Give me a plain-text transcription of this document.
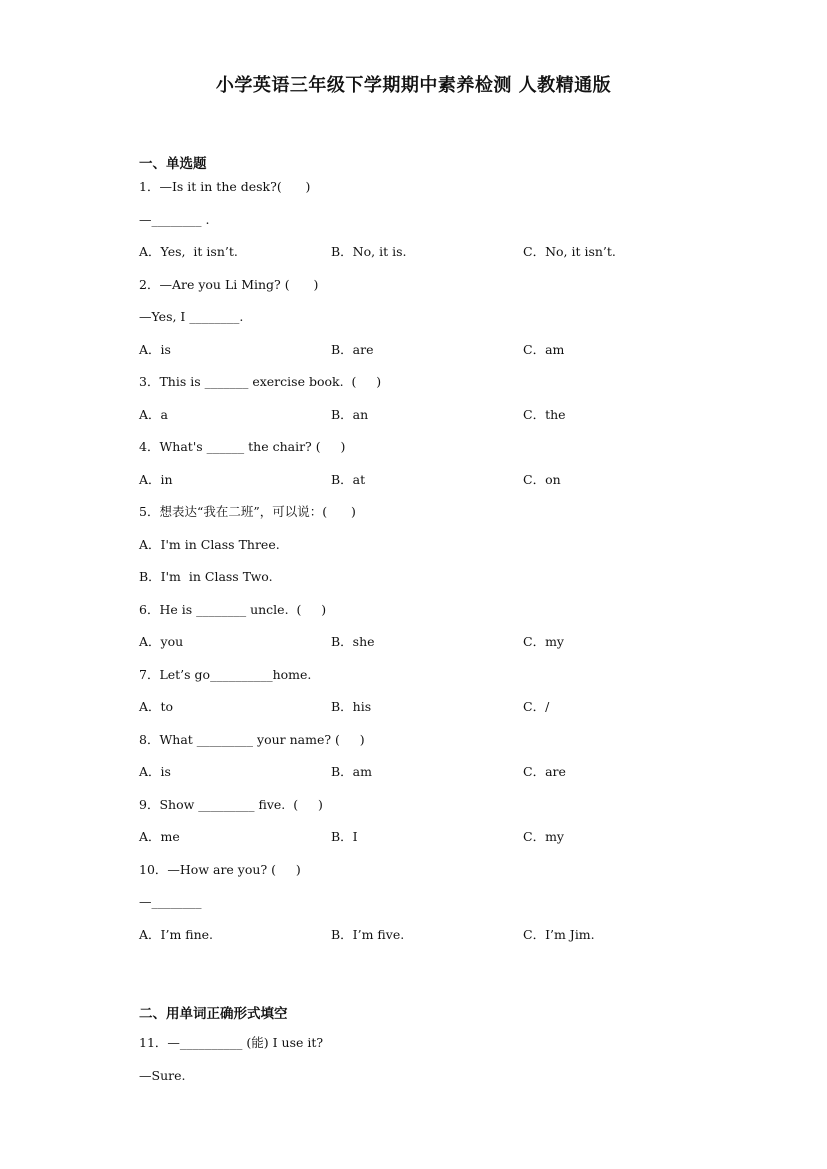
小学英语三年级下学期期中素养检测 人教精通版
一、单选题
1．—Is it in the desk?(      )
—________ .
A．Yes,  it isn’t.	B．No, it is.	C．No, it isn’t.
2．—Are you Li Ming? (      )
—Yes, I ________.
A．is	B．are	C．am
3．This is _______ exercise book.  (     )
A．a	B．an	C．the
4．What's ______ the chair? (     )
A．in	B．at	C．on
5．想表达“我在二班”，可以说：(      )
A．I'm in Class Three.
B．I'm  in Class Two.
6．He is ________ uncle.  (     )
A．you	B．she	C．my
7．Let’s go__________home.
A．to	B．his	C．/
8．What _________ your name? (     )
A．is	B．am	C．are
9．Show _________ five.  (     )
A．me	B．I	C．my
10．—How are you? (     )
—________
A．I’m fine.	B．I’m five.	C．I’m Jim.
二、用单词正确形式填空
11．—__________ (能) I use it?
—Sure.
